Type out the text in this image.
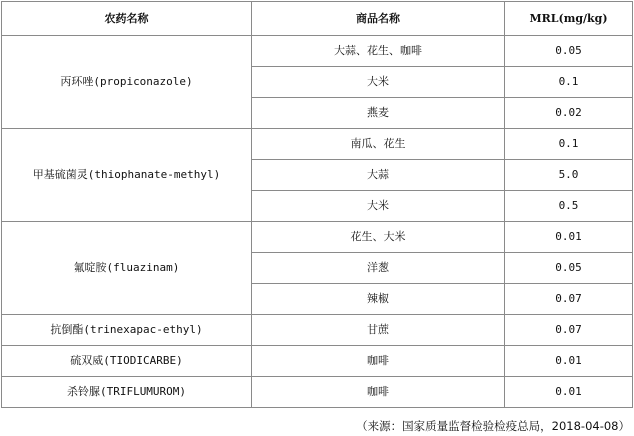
农药名称	商品名称	MRL(mg/kg)
丙环唑(propiconazole)	大蒜、花生、咖啡	0.05
	大米	0.1
	燕麦	0.02
甲基硫菌灵(thiophanate-methyl)	南瓜、花生	0.1
	大蒜	5.0
	大米	0.5
氟啶胺(fluazinam)	花生、大米	0.01
	洋葱	0.05
	辣椒	0.07
抗倒酯(trinexapac-ethyl)	甘蔗	0.07
硫双威(TIODICARBE)	咖啡	0.01
杀铃脲(TRIFLUMUROM)	咖啡	0.01
（来源：国家质量监督检验检疫总局，2018-04-08）
